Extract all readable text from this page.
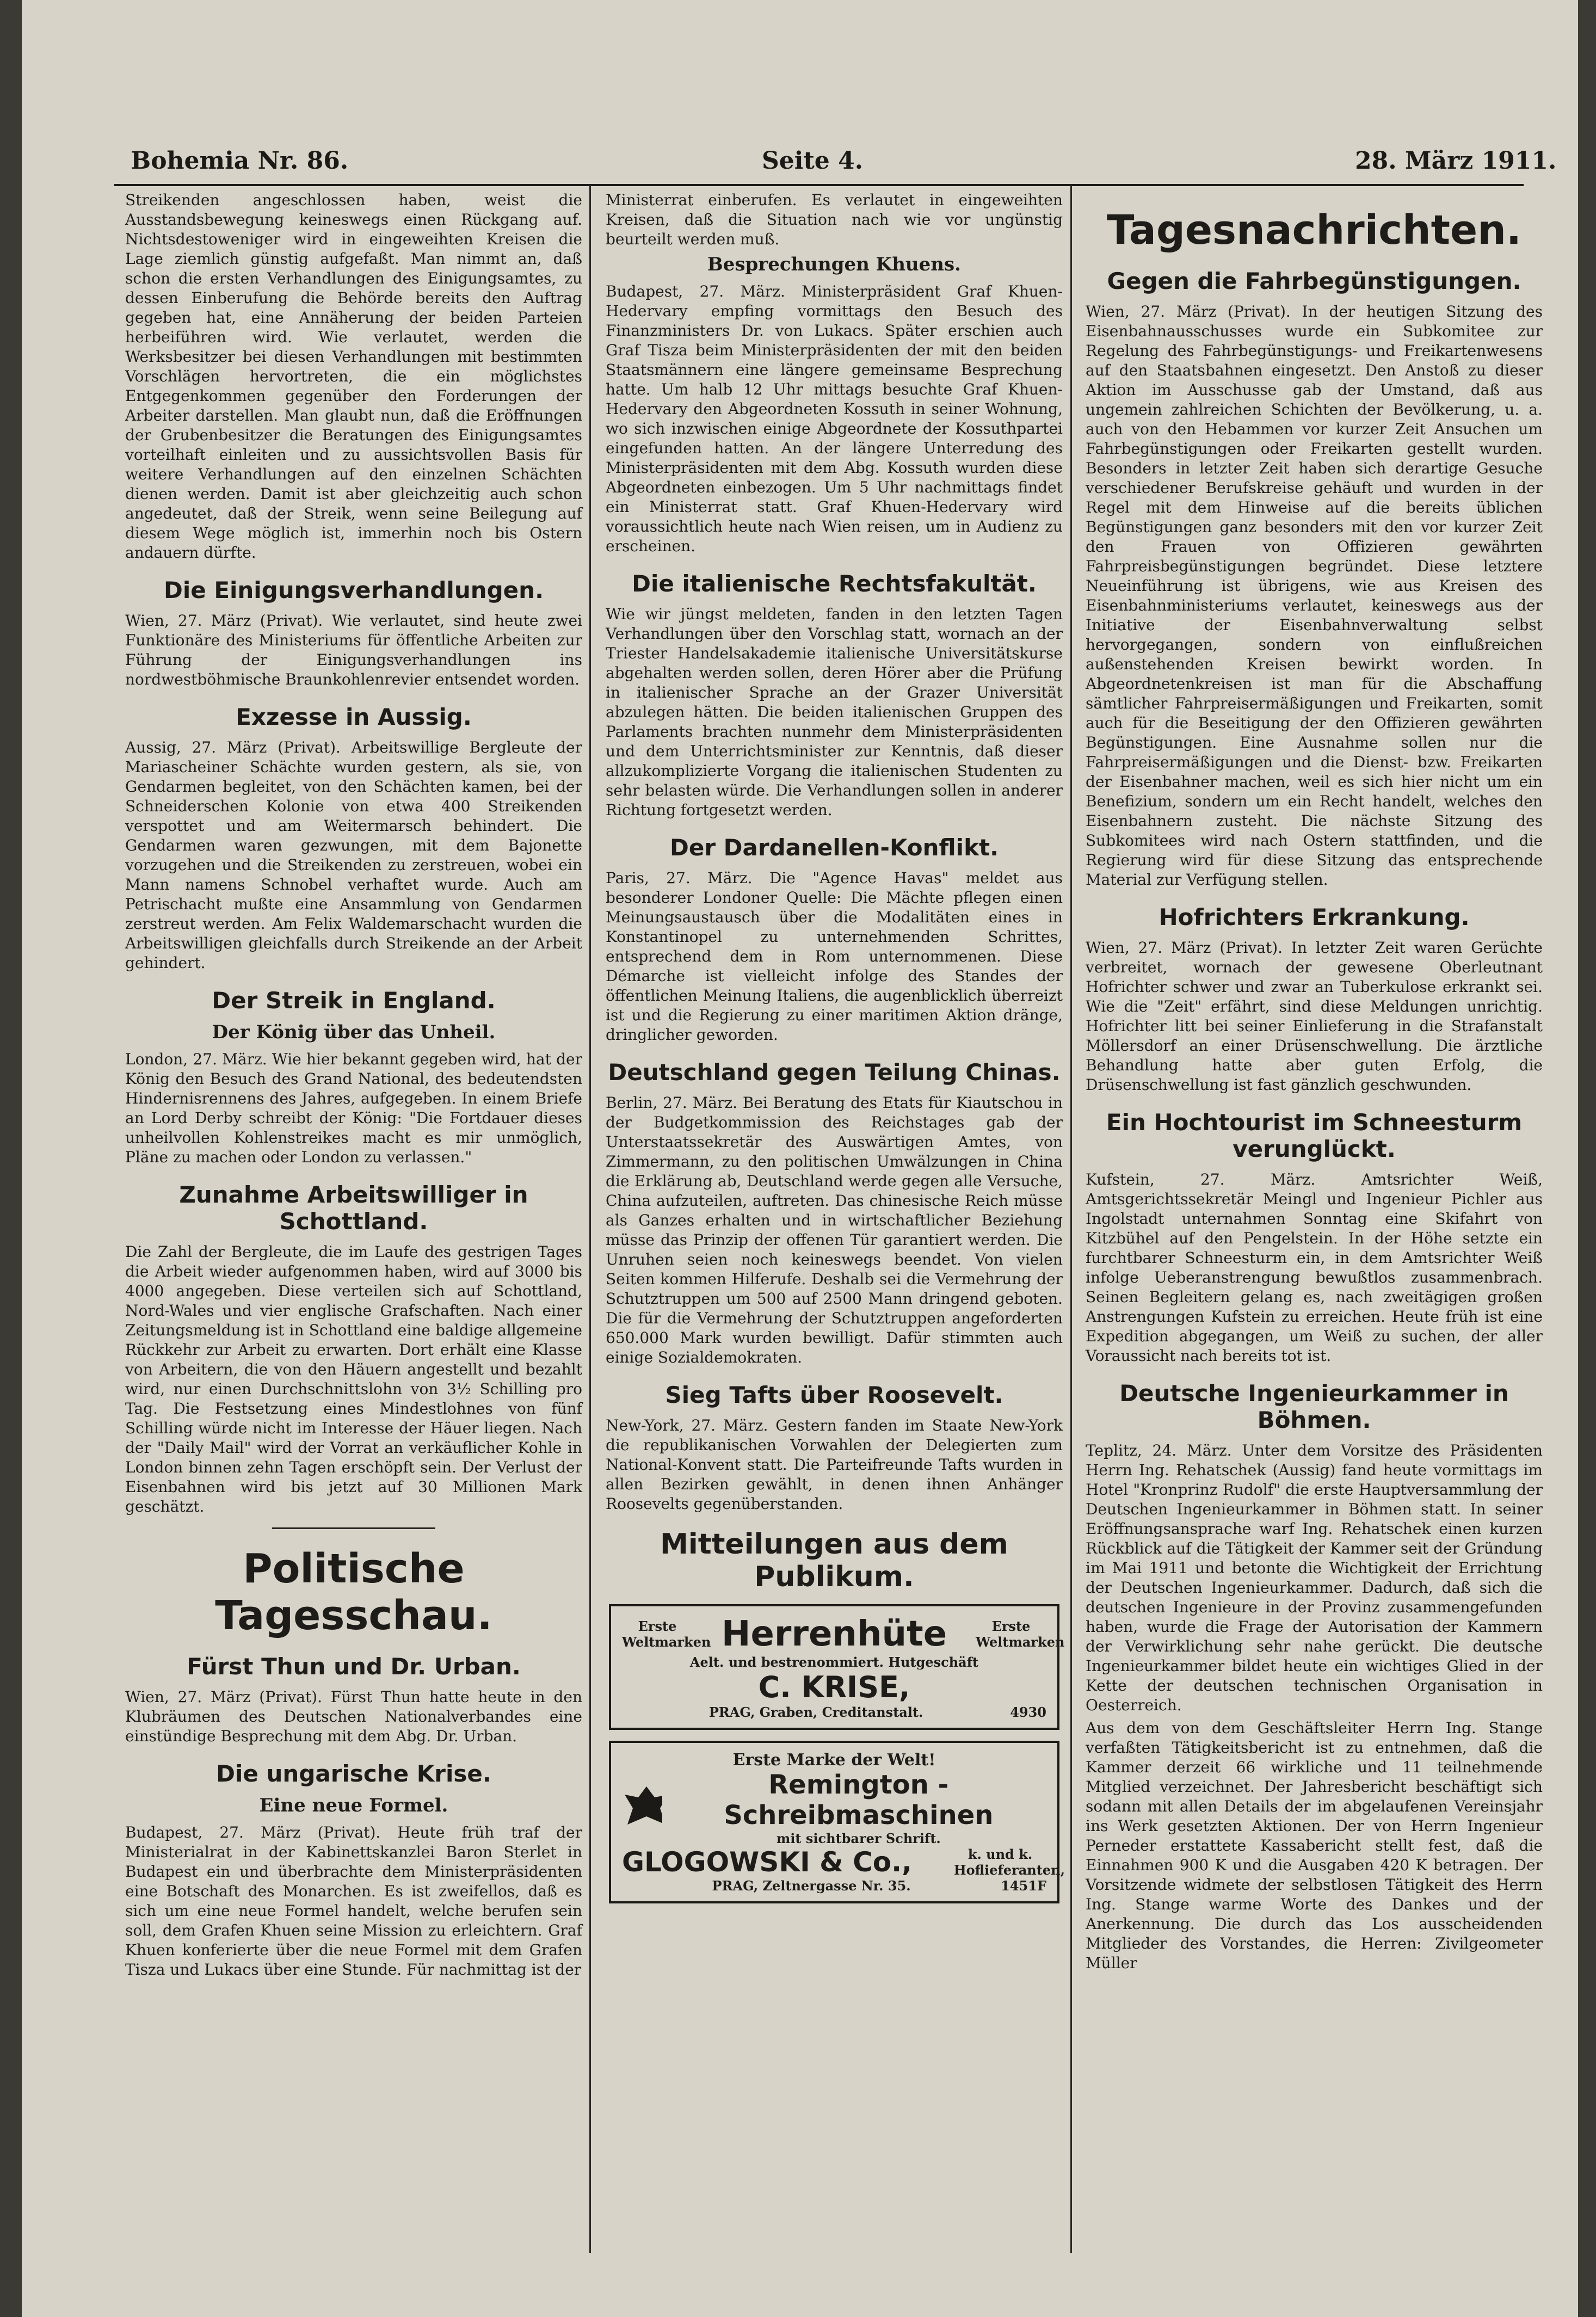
Bohemia Nr. 86.	Seite 4.	28. März 1911.

Streikenden angeschlossen haben, weist die Ausstandsbewegung keineswegs einen Rückgang auf. Nichtsdestoweniger wird in eingeweihten Kreisen die Lage ziemlich günstig aufgefaßt. Man nimmt an, daß schon die ersten Verhandlungen des Einigungsamtes, zu dessen Einberufung die Behörde bereits den Auftrag gegeben hat, eine Annäherung der beiden Parteien herbeiführen wird. Wie verlautet, werden die Werksbesitzer bei diesen Verhandlungen mit bestimmten Vorschlägen hervortreten, die ein möglichstes Entgegenkommen gegenüber den Forderungen der Arbeiter darstellen. Man glaubt nun, daß die Eröffnungen der Grubenbesitzer die Beratungen des Einigungsamtes vorteilhaft einleiten und zu aussichtsvollen Basis für weitere Verhandlungen auf den einzelnen Schächten dienen werden. Damit ist aber gleichzeitig auch schon angedeutet, daß der Streik, wenn seine Beilegung auf diesem Wege möglich ist, immerhin noch bis Ostern andauern dürfte.

Die Einigungsverhandlungen.

Wien, 27. März (Privat). Wie verlautet, sind heute zwei Funktionäre des Ministeriums für öffentliche Arbeiten zur Führung der Einigungsverhandlungen ins nordwestböhmische Braunkohlenrevier entsendet worden.

Exzesse in Aussig.

Aussig, 27. März (Privat). Arbeitswillige Bergleute der Mariascheiner Schächte wurden gestern, als sie, von Gendarmen begleitet, von den Schächten kamen, bei der Schneiderschen Kolonie von etwa 400 Streikenden verspottet und am Weitermarsch behindert. Die Gendarmen waren gezwungen, mit dem Bajonette vorzugehen und die Streikenden zu zerstreuen, wobei ein Mann namens Schnobel verhaftet wurde. Auch am Petrischacht mußte eine Ansammlung von Gendarmen zerstreut werden. Am Felix Waldemarschacht wurden die Arbeitswilligen gleichfalls durch Streikende an der Arbeit gehindert.

Der Streik in England.
Der König über das Unheil.

London, 27. März. Wie hier bekannt gegeben wird, hat der König den Besuch des Grand National, des bedeutendsten Hindernisrennens des Jahres, aufgegeben. In einem Briefe an Lord Derby schreibt der König: "Die Fortdauer dieses unheilvollen Kohlenstreikes macht es mir unmöglich, Pläne zu machen oder London zu verlassen."

Zunahme Arbeitswilliger in Schottland.

Die Zahl der Bergleute, die im Laufe des gestrigen Tages die Arbeit wieder aufgenommen haben, wird auf 3000 bis 4000 angegeben. Diese verteilen sich auf Schottland, Nord-Wales und vier englische Grafschaften. Nach einer Zeitungsmeldung ist in Schottland eine baldige allgemeine Rückkehr zur Arbeit zu erwarten. Dort erhält eine Klasse von Arbeitern, die von den Häuern angestellt und bezahlt wird, nur einen Durchschnittslohn von 3½ Schilling pro Tag. Die Festsetzung eines Mindestlohnes von fünf Schilling würde nicht im Interesse der Häuer liegen. Nach der "Daily Mail" wird der Vorrat an verkäuflicher Kohle in London binnen zehn Tagen erschöpft sein. Der Verlust der Eisenbahnen wird bis jetzt auf 30 Millionen Mark geschätzt.

Politische Tagesschau.
Fürst Thun und Dr. Urban.

Wien, 27. März (Privat). Fürst Thun hatte heute in den Klubräumen des Deutschen Nationalverbandes eine einstündige Besprechung mit dem Abg. Dr. Urban.

Die ungarische Krise.
Eine neue Formel.

Budapest, 27. März (Privat). Heute früh traf der Ministerialrat in der Kabinettskanzlei Baron Sterlet in Budapest ein und überbrachte dem Ministerpräsidenten eine Botschaft des Monarchen. Es ist zweifellos, daß es sich um eine neue Formel handelt, welche berufen sein soll, dem Grafen Khuen seine Mission zu erleichtern. Graf Khuen konferierte über die neue Formel mit dem Grafen Tisza und Lukacs über eine Stunde. Für nachmittag ist der

Ministerrat einberufen. Es verlautet in eingeweihten Kreisen, daß die Situation nach wie vor ungünstig beurteilt werden muß.

Besprechungen Khuens.

Budapest, 27. März. Ministerpräsident Graf Khuen-Hedervary empfing vormittags den Besuch des Finanzministers Dr. von Lukacs. Später erschien auch Graf Tisza beim Ministerpräsidenten der mit den beiden Staatsmännern eine längere gemeinsame Besprechung hatte. Um halb 12 Uhr mittags besuchte Graf Khuen-Hedervary den Abgeordneten Kossuth in seiner Wohnung, wo sich inzwischen einige Abgeordnete der Kossuthpartei eingefunden hatten. An der längere Unterredung des Ministerpräsidenten mit dem Abg. Kossuth wurden diese Abgeordneten einbezogen. Um 5 Uhr nachmittags findet ein Ministerrat statt. Graf Khuen-Hedervary wird voraussichtlich heute nach Wien reisen, um in Audienz zu erscheinen.

Die italienische Rechtsfakultät.

Wie wir jüngst meldeten, fanden in den letzten Tagen Verhandlungen über den Vorschlag statt, wornach an der Triester Handelsakademie italienische Universitätskurse abgehalten werden sollen, deren Hörer aber die Prüfung in italienischer Sprache an der Grazer Universität abzulegen hätten. Die beiden italienischen Gruppen des Parlaments brachten nunmehr dem Ministerpräsidenten und dem Unterrichtsminister zur Kenntnis, daß dieser allzukomplizierte Vorgang die italienischen Studenten zu sehr belasten würde. Die Verhandlungen sollen in anderer Richtung fortgesetzt werden.

Der Dardanellen-Konflikt.

Paris, 27. März. Die "Agence Havas" meldet aus besonderer Londoner Quelle: Die Mächte pflegen einen Meinungsaustausch über die Modalitäten eines in Konstantinopel zu unternehmenden Schrittes, entsprechend dem in Rom unternommenen. Diese Démarche ist vielleicht infolge des Standes der öffentlichen Meinung Italiens, die augenblicklich überreizt ist und die Regierung zu einer maritimen Aktion dränge, dringlicher geworden.

Deutschland gegen Teilung Chinas.

Berlin, 27. März. Bei Beratung des Etats für Kiautschou in der Budgetkommission des Reichstages gab der Unterstaatssekretär des Auswärtigen Amtes, von Zimmermann, zu den politischen Umwälzungen in China die Erklärung ab, Deutschland werde gegen alle Versuche, China aufzuteilen, auftreten. Das chinesische Reich müsse als Ganzes erhalten und in wirtschaftlicher Beziehung müsse das Prinzip der offenen Tür garantiert werden. Die Unruhen seien noch keineswegs beendet. Von vielen Seiten kommen Hilferufe. Deshalb sei die Vermehrung der Schutztruppen um 500 auf 2500 Mann dringend geboten. Die für die Vermehrung der Schutztruppen angeforderten 650.000 Mark wurden bewilligt. Dafür stimmten auch einige Sozialdemokraten.

Sieg Tafts über Roosevelt.

New-York, 27. März. Gestern fanden im Staate New-York die republikanischen Vorwahlen der Delegierten zum National-Konvent statt. Die Parteifreunde Tafts wurden in allen Bezirken gewählt, in denen ihnen Anhänger Roosevelts gegenüberstanden.

Mitteilungen aus dem Publikum.
Erste Weltmarken Herrenhüte	Erste Weltmarken
Aelt. und bestrenommiert. Hutgeschäft
C. KRISE,
PRAG, Graben, Creditanstalt.	4930
Erste Marke der Welt!
Remington - Schreibmaschinen
mit sichtbarer Schrift.
GLOGOWSKI & Co.,	k. und k. Hoflieferanten,
PRAG, Zeltnergasse Nr. 35.	1451F
Tagesnachrichten.
Gegen die Fahrbegünstigungen.

Wien, 27. März (Privat). In der heutigen Sitzung des Eisenbahnausschusses wurde ein Subkomitee zur Regelung des Fahrbegünstigungs- und Freikartenwesens auf den Staatsbahnen eingesetzt. Den Anstoß zu dieser Aktion im Ausschusse gab der Umstand, daß aus ungemein zahlreichen Schichten der Bevölkerung, u. a. auch von den Hebammen vor kurzer Zeit Ansuchen um Fahrbegünstigungen oder Freikarten gestellt wurden. Besonders in letzter Zeit haben sich derartige Gesuche verschiedener Berufskreise gehäuft und wurden in der Regel mit dem Hinweise auf die bereits üblichen Begünstigungen ganz besonders mit den vor kurzer Zeit den Frauen von Offizieren gewährten Fahrpreisbegünstigungen begründet. Diese letztere Neueinführung ist übrigens, wie aus Kreisen des Eisenbahnministeriums verlautet, keineswegs aus der Initiative der Eisenbahnverwaltung selbst hervorgegangen, sondern von einflußreichen außenstehenden Kreisen bewirkt worden. In Abgeordnetenkreisen ist man für die Abschaffung sämtlicher Fahrpreisermäßigungen und Freikarten, somit auch für die Beseitigung der den Offizieren gewährten Begünstigungen. Eine Ausnahme sollen nur die Fahrpreisermäßigungen und die Dienst- bzw. Freikarten der Eisenbahner machen, weil es sich hier nicht um ein Benefizium, sondern um ein Recht handelt, welches den Eisenbahnern zusteht. Die nächste Sitzung des Subkomitees wird nach Ostern stattfinden, und die Regierung wird für diese Sitzung das entsprechende Material zur Verfügung stellen.

Hofrichters Erkrankung.

Wien, 27. März (Privat). In letzter Zeit waren Gerüchte verbreitet, wornach der gewesene Oberleutnant Hofrichter schwer und zwar an Tuberkulose erkrankt sei. Wie die "Zeit" erfährt, sind diese Meldungen unrichtig. Hofrichter litt bei seiner Einlieferung in die Strafanstalt Möllersdorf an einer Drüsenschwellung. Die ärztliche Behandlung hatte aber guten Erfolg, die Drüsenschwellung ist fast gänzlich geschwunden.

Ein Hochtourist im Schneesturm verunglückt.

Kufstein, 27. März. Amtsrichter Weiß, Amtsgerichtssekretär Meingl und Ingenieur Pichler aus Ingolstadt unternahmen Sonntag eine Skifahrt von Kitzbühel auf den Pengelstein. In der Höhe setzte ein furchtbarer Schneesturm ein, in dem Amtsrichter Weiß infolge Ueberanstrengung bewußtlos zusammenbrach. Seinen Begleitern gelang es, nach zweitägigen großen Anstrengungen Kufstein zu erreichen. Heute früh ist eine Expedition abgegangen, um Weiß zu suchen, der aller Voraussicht nach bereits tot ist.

Deutsche Ingenieurkammer in Böhmen.

Teplitz, 24. März. Unter dem Vorsitze des Präsidenten Herrn Ing. Rehatschek (Aussig) fand heute vormittags im Hotel "Kronprinz Rudolf" die erste Hauptversammlung der Deutschen Ingenieurkammer in Böhmen statt. In seiner Eröffnungsansprache warf Ing. Rehatschek einen kurzen Rückblick auf die Tätigkeit der Kammer seit der Gründung im Mai 1911 und betonte die Wichtigkeit der Errichtung der Deutschen Ingenieurkammer. Dadurch, daß sich die deutschen Ingenieure in der Provinz zusammengefunden haben, wurde die Frage der Autorisation der Kammern der Verwirklichung sehr nahe gerückt. Die deutsche Ingenieurkammer bildet heute ein wichtiges Glied in der Kette der deutschen technischen Organisation in Oesterreich.

Aus dem von dem Geschäftsleiter Herrn Ing. Stange verfaßten Tätigkeitsbericht ist zu entnehmen, daß die Kammer derzeit 66 wirkliche und 11 teilnehmende Mitglied verzeichnet. Der Jahresbericht beschäftigt sich sodann mit allen Details der im abgelaufenen Vereinsjahr ins Werk gesetzten Aktionen. Der von Herrn Ingenieur Perneder erstattete Kassabericht stellt fest, daß die Einnahmen 900 K und die Ausgaben 420 K betragen. Der Vorsitzende widmete der selbstlosen Tätigkeit des Herrn Ing. Stange warme Worte des Dankes und der Anerkennung. Die durch das Los ausscheidenden Mitglieder des Vorstandes, die Herren: Zivilgeometer Müller
